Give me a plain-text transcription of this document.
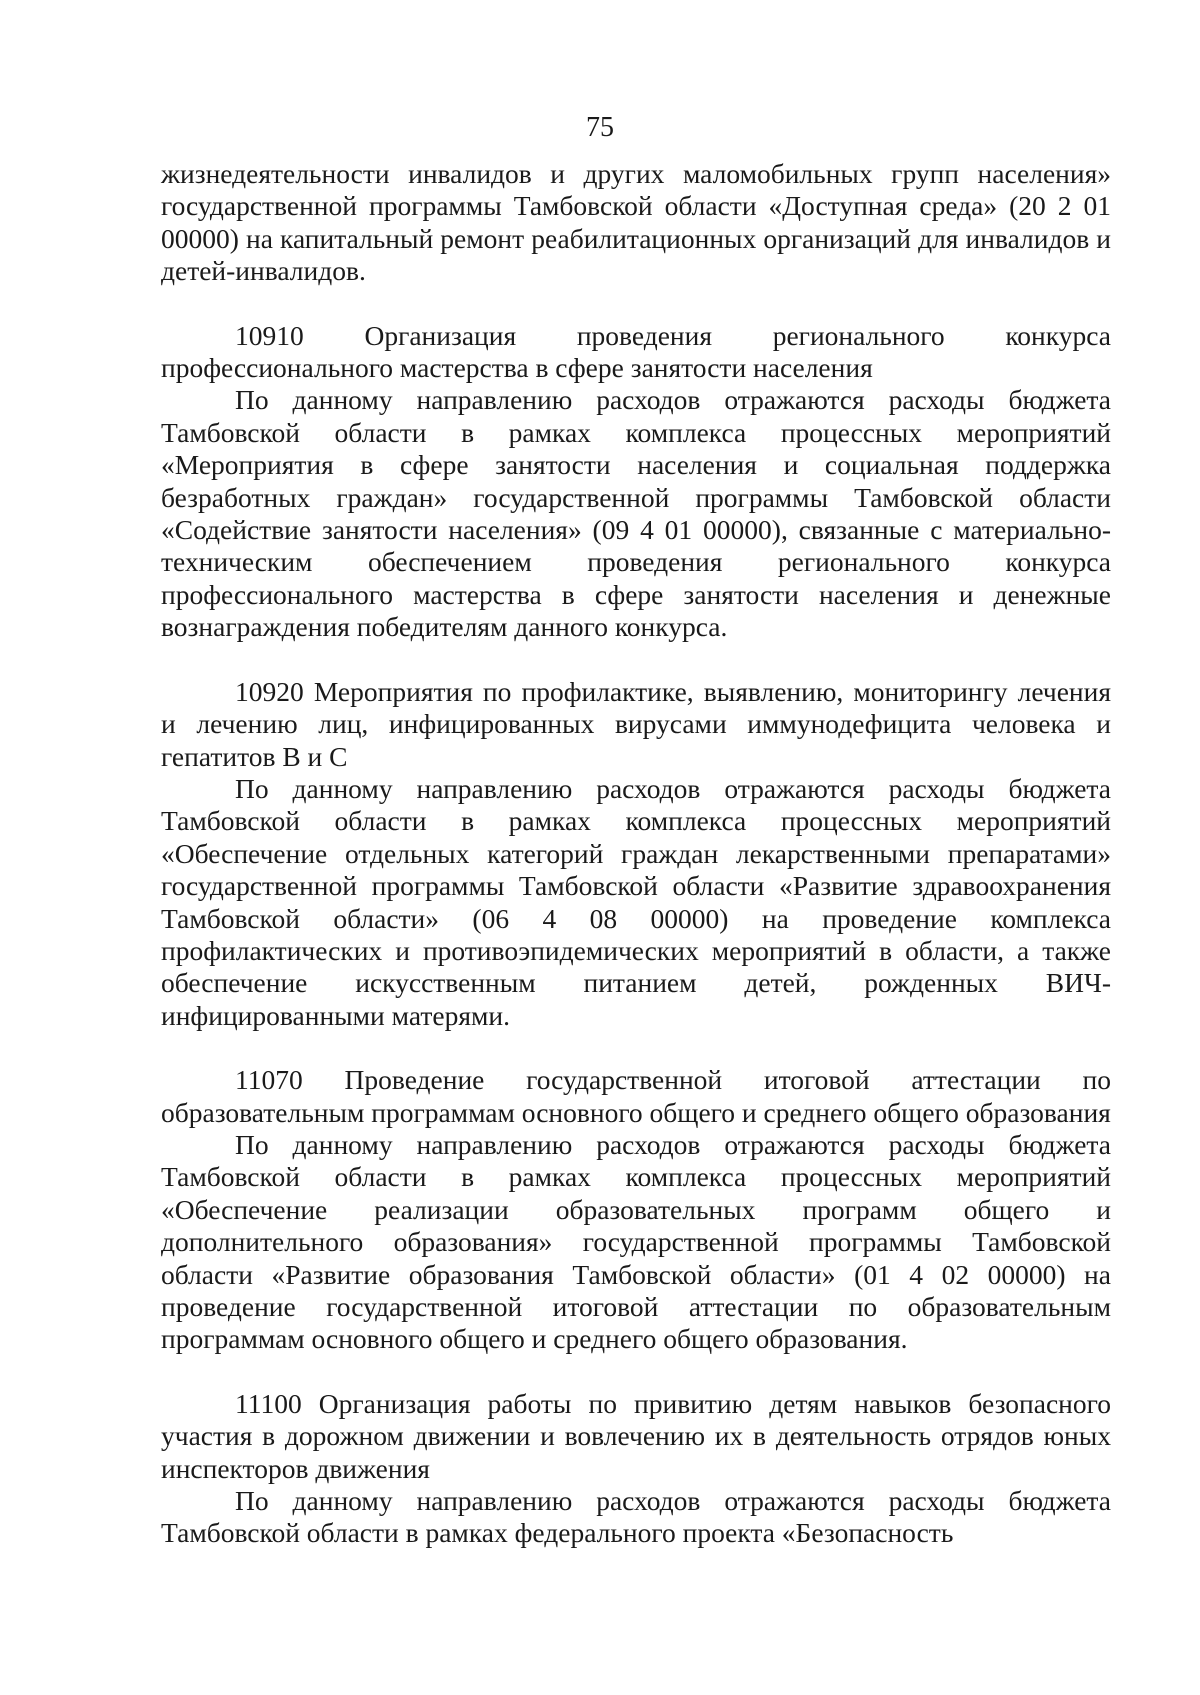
75

жизнедеятельности инвалидов и других маломобильных групп населения» государственной программы Тамбовской области «Доступная среда» (20 2 01 00000) на капитальный ремонт реабилитационных организаций для инвалидов и детей-инвалидов.

10910 Организация проведения регионального конкурса профессионального мастерства в сфере занятости населения

По данному направлению расходов отражаются расходы бюджета Тамбовской области в рамках комплекса процессных мероприятий «Мероприятия в сфере занятости населения и социальная поддержка безработных граждан» государственной программы Тамбовской области «Содействие занятости населения» (09 4 01 00000), связанные с материально-техническим обеспечением проведения регионального конкурса профессионального мастерства в сфере занятости населения и денежные вознаграждения победителям данного конкурса.

10920 Мероприятия по профилактике, выявлению, мониторингу лечения и лечению лиц, инфицированных вирусами иммунодефицита человека и гепатитов B и C

По данному направлению расходов отражаются расходы бюджета Тамбовской области в рамках комплекса процессных мероприятий «Обеспечение отдельных категорий граждан лекарственными препаратами» государственной программы Тамбовской области «Развитие здравоохранения Тамбовской области» (06 4 08 00000) на проведение комплекса профилактических и противоэпидемических мероприятий в области, а также обеспечение искусственным питанием детей, рожденных ВИЧ-инфицированными матерями.

11070 Проведение государственной итоговой аттестации по образовательным программам основного общего и среднего общего образования

По данному направлению расходов отражаются расходы бюджета Тамбовской области в рамках комплекса процессных мероприятий «Обеспечение реализации образовательных программ общего и дополнительного образования» государственной программы Тамбовской области «Развитие образования Тамбовской области» (01 4 02 00000) на проведение государственной итоговой аттестации по образовательным программам основного общего и среднего общего образования.

11100 Организация работы по привитию детям навыков безопасного участия в дорожном движении и вовлечению их в деятельность отрядов юных инспекторов движения

По данному направлению расходов отражаются расходы бюджета Тамбовской области в рамках федерального проекта «Безопасность
